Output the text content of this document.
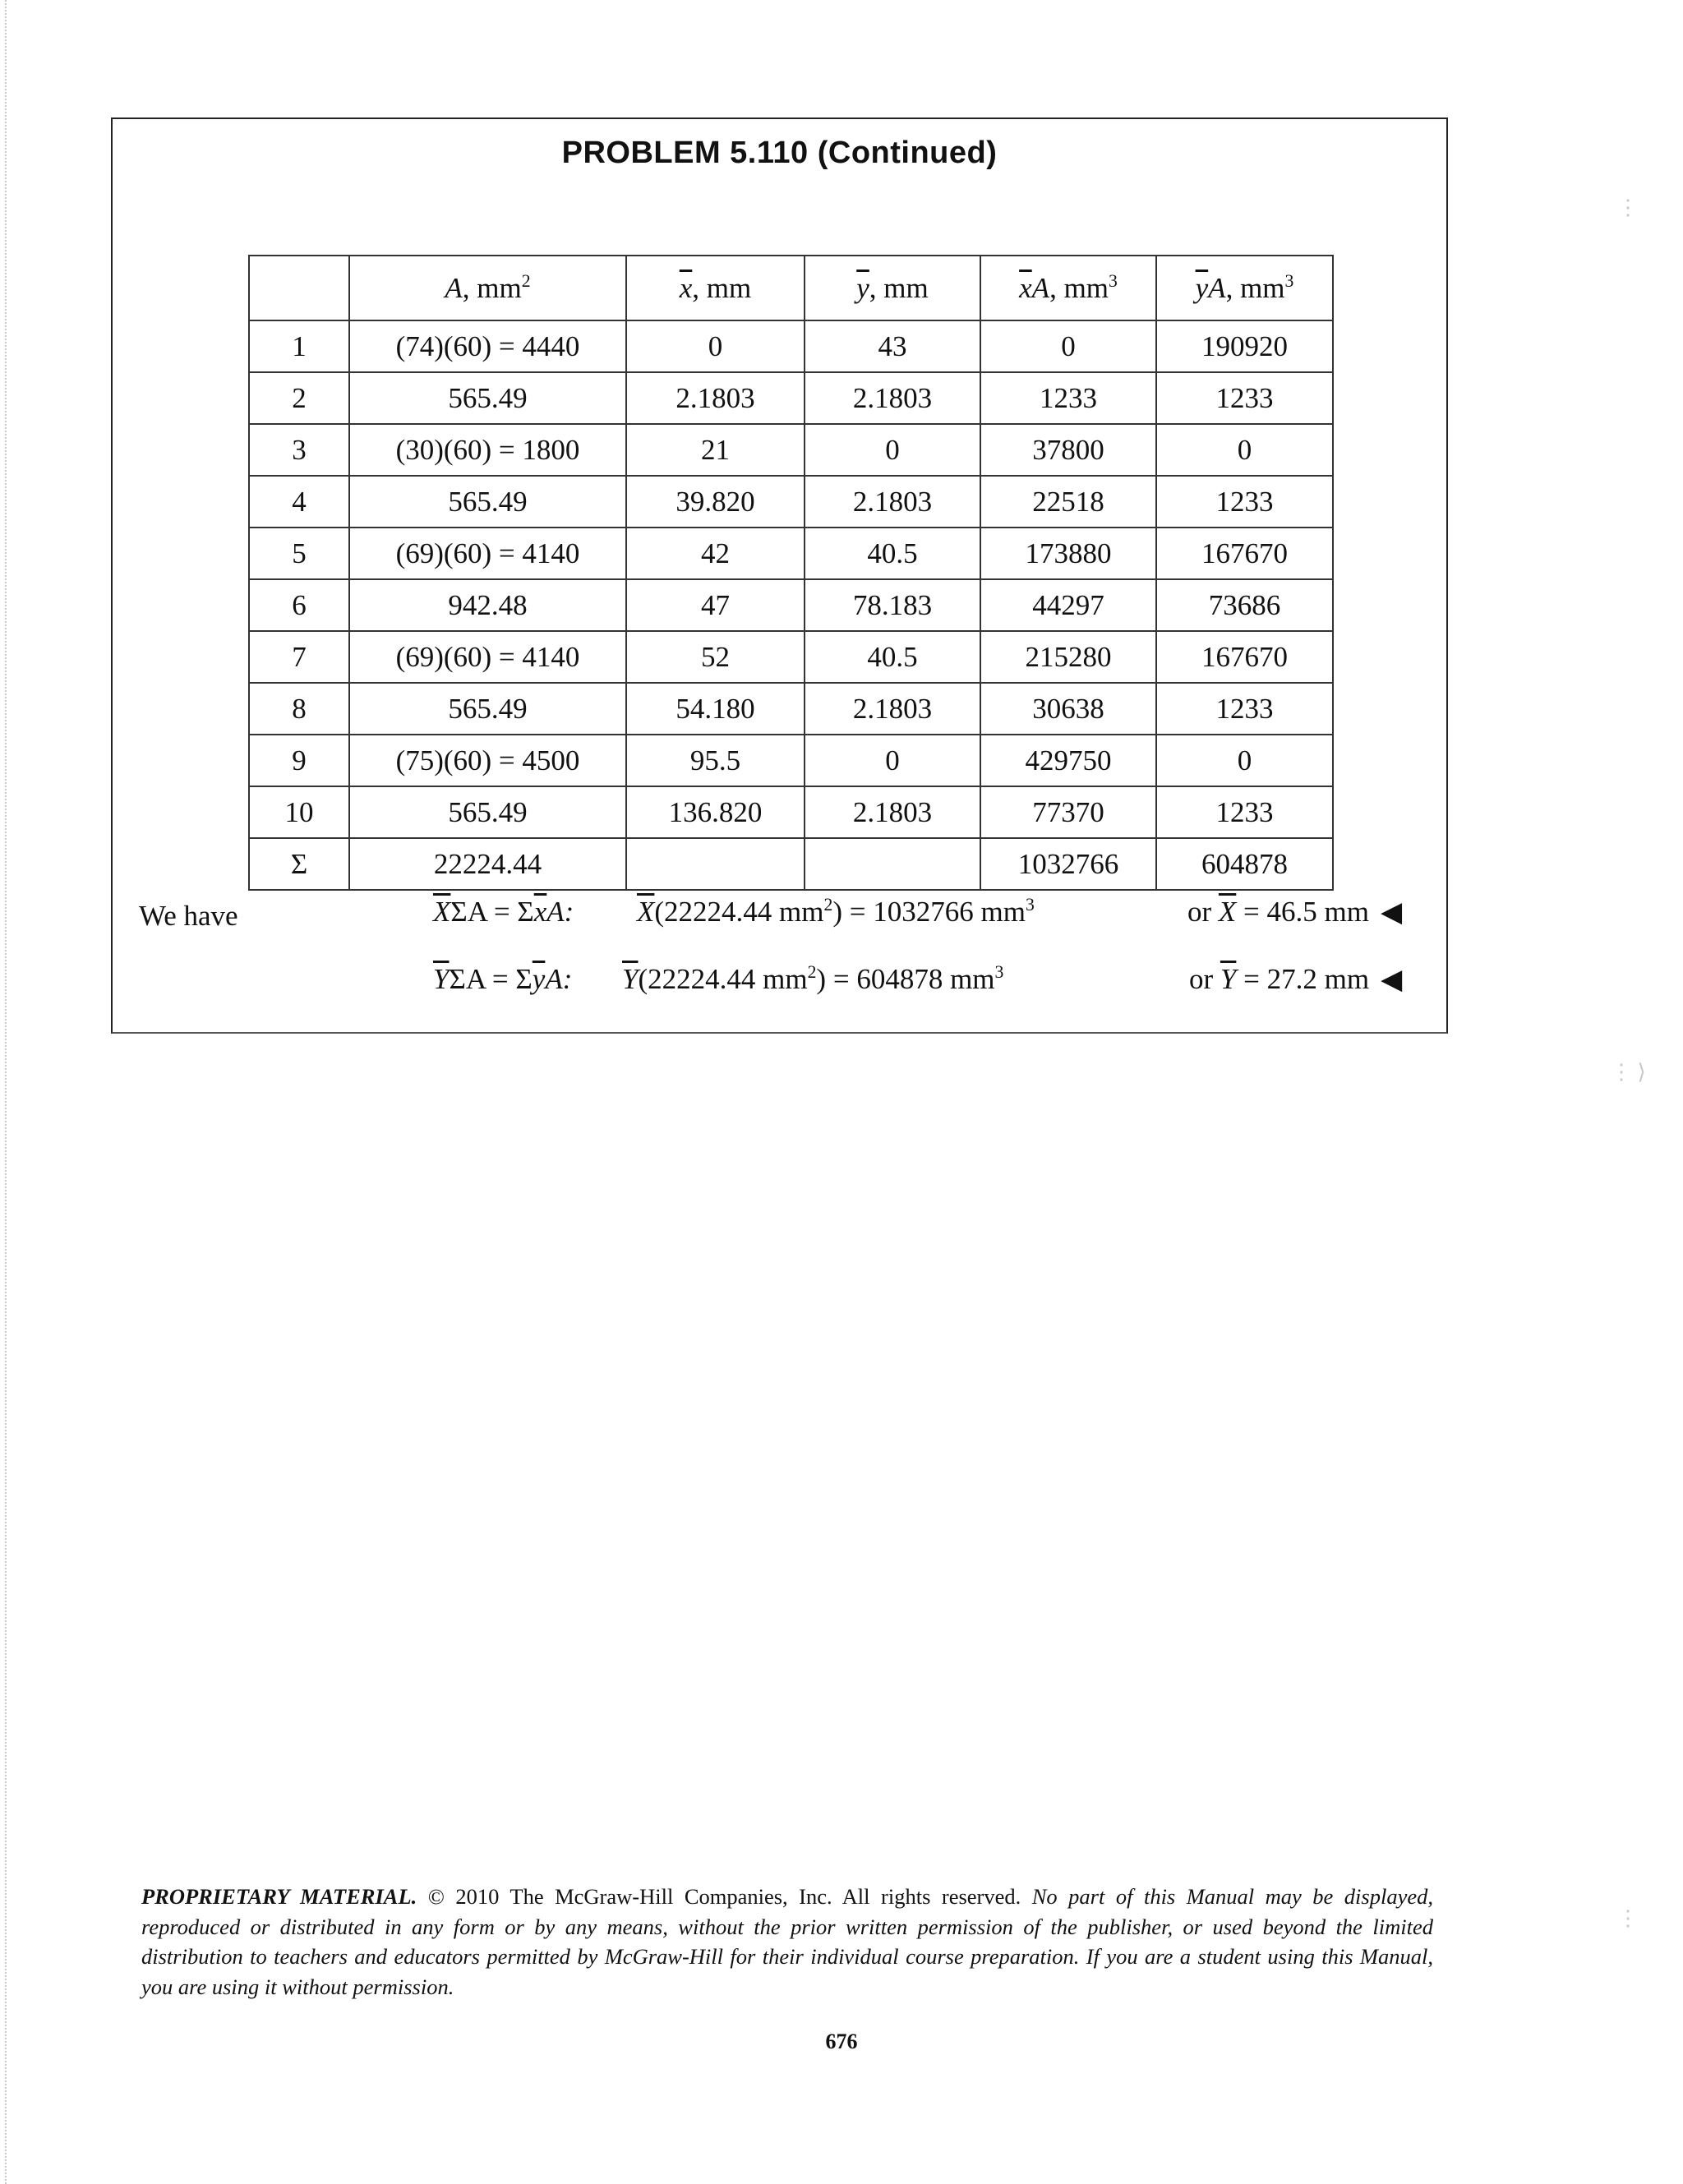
⋮
⋮ ⟩
⋮
PROBLEM 5.110 (Continued)
	A, $mm^2$	$\overline{x}$, mm	$\overline{y}$, mm	$\overline{x}A$, $mm^3$	$\overline{y}A$, $mm^3$
1	(74)(60) = 4440	0	43	0	190920
2	565.49	2.1803	2.1803	1233	1233
3	(30)(60) = 1800	21	0	37800	0
4	565.49	39.820	2.1803	22518	1233
5	(69)(60) = 4140	42	40.5	173880	167670
6	942.48	47	78.183	44297	73686
7	(69)(60) = 4140	52	40.5	215280	167670
8	565.49	54.180	2.1803	30638	1233
9	(75)(60) = 4500	95.5	0	429750	0
10	565.49	136.820	2.1803	77370	1233
Σ	22224.44			1032766	604878
We have	$\overline{X}\Sigma A = \Sigma\overline{x}A$: $\overline{X}(22224.44$ $mm^2) = 1032766$ $mm^3$	or $\overline{X} = 46.5$ mm ◀
$\overline{Y}\Sigma A = \Sigma\overline{y}A$: $\overline{Y}(22224.44$ $mm^2) = 604878$ $mm^3$	or $\overline{Y} = 27.2$ mm ◀
PROPRIETARY MATERIAL. © 2010 The McGraw-Hill Companies, Inc. All rights reserved. No part of this Manual may be displayed, reproduced or distributed in any form or by any means, without the prior written permission of the publisher, or used beyond the limited distribution to teachers and educators permitted by McGraw-Hill for their individual course preparation. If you are a student using this Manual, you are using it without permission.
676
